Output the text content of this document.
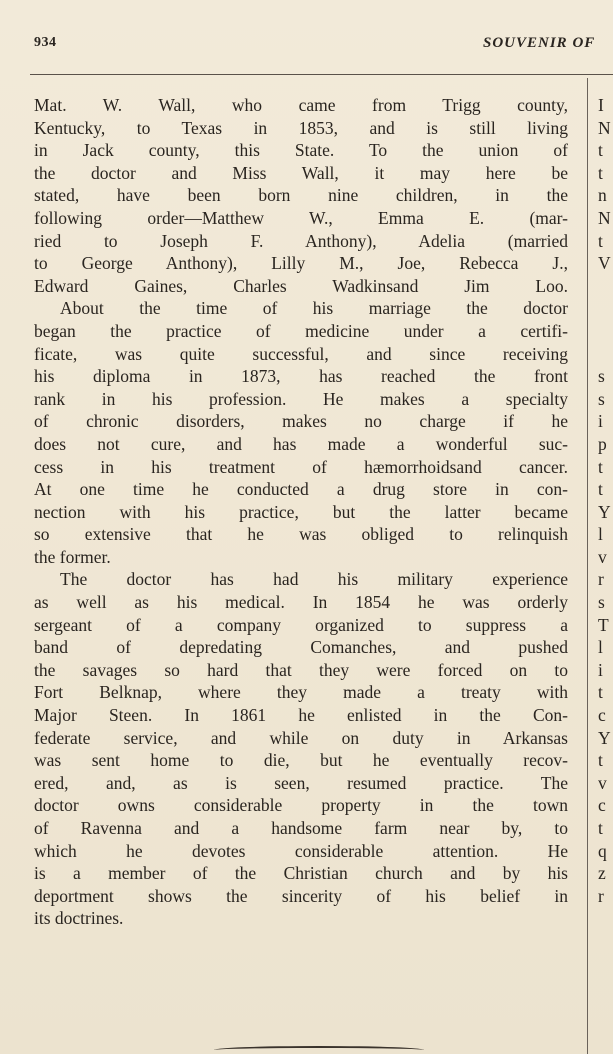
934	SOUVENIR OF
Mat. W. Wall, who came from Trigg county,
Kentucky, to Texas in 1853, and is still living
in Jack county, this State. To the union of
the doctor and Miss Wall, it may here be
stated, have been born nine children, in the
following order—Matthew W., Emma E. (mar-
ried to Joseph F. Anthony), Adelia (married
to George Anthony), Lilly M., Joe, Rebecca J.,
Edward Gaines, Charles Wadkinsand Jim Loo.
About the time of his marriage the doctor
began the practice of medicine under a certifi-
ficate, was quite successful, and since receiving
his diploma in 1873, has reached the front
rank in his profession. He makes a specialty
of chronic disorders, makes no charge if he
does not cure, and has made a wonderful suc-
cess in his treatment of hæmorrhoidsand cancer.
At one time he conducted a drug store in con-
nection with his practice, but the latter became
so extensive that he was obliged to relinquish
the former.
The doctor has had his military experience
as well as his medical. In 1854 he was orderly
sergeant of a company organized to suppress a
band of depredating Comanches, and pushed
the savages so hard that they were forced on to
Fort Belknap, where they made a treaty with
Major Steen. In 1861 he enlisted in the Con-
federate service, and while on duty in Arkansas
was sent home to die, but he eventually recov-
ered, and, as is seen, resumed practice. The
doctor owns considerable property in the town
of Ravenna and a handsome farm near by, to
which he devotes considerable attention. He
is a member of the Christian church and by his
deportment shows the sincerity of his belief in
its doctrines.
I
N
t
t
n
N
t
V
s
s
i
p
t
t
Y
l
v
r
s
T
l
i
t
c
Y
t
v
c
t
q
z
r
